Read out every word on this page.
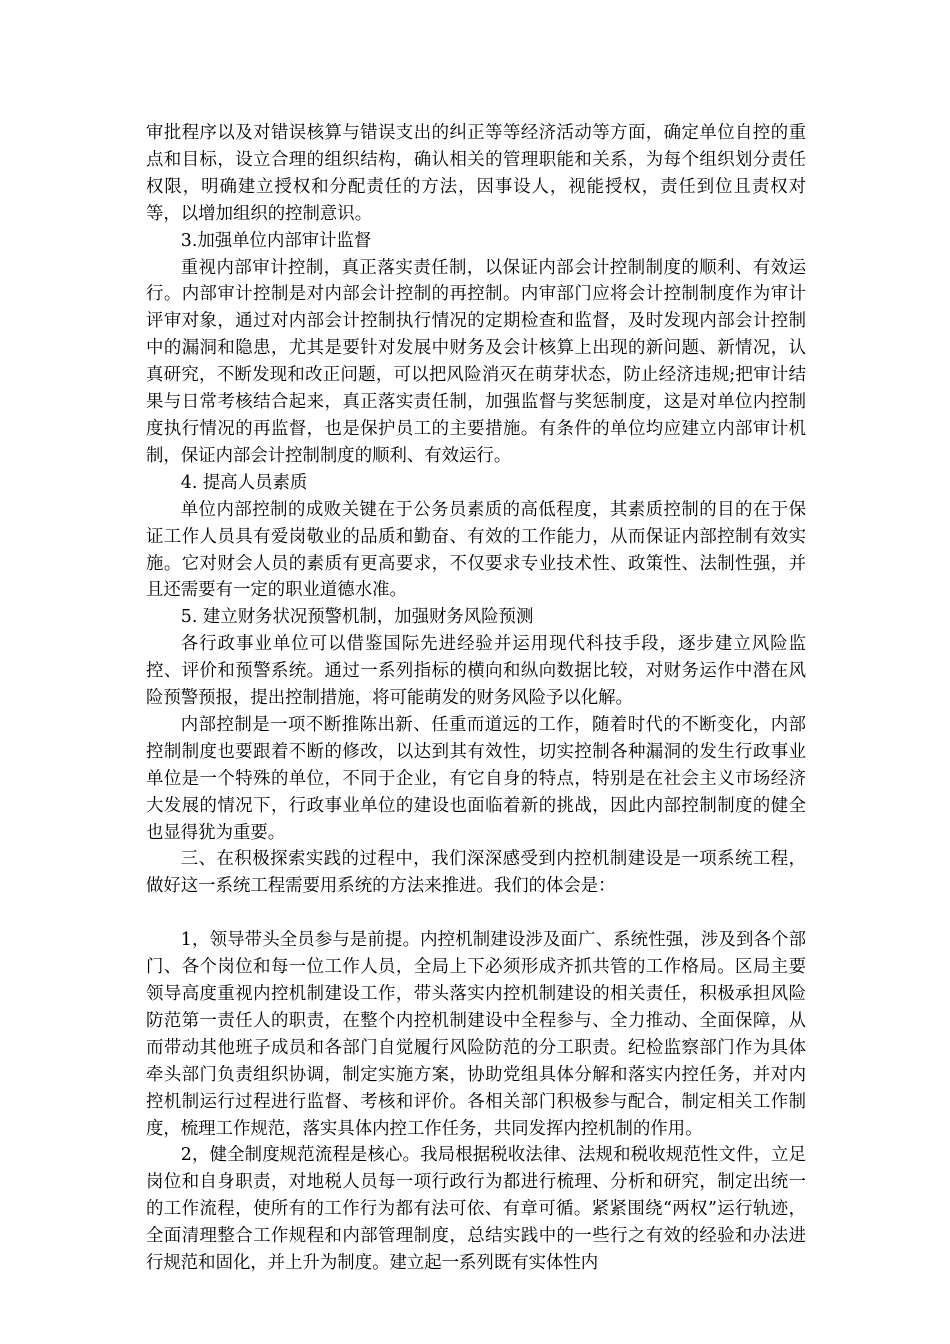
审批程序以及对错误核算与错误支出的纠正等等经济活动等方面，确定单位自控的重点和目标，设立合理的组织结构，确认相关的管理职能和关系，为每个组织划分责任权限，明确建立授权和分配责任的方法，因事设人，视能授权，责任到位且责权对等，以增加组织的控制意识。

3.加强单位内部审计监督

重视内部审计控制，真正落实责任制，以保证内部会计控制制度的顺利、有效运行。内部审计控制是对内部会计控制的再控制。内审部门应将会计控制制度作为审计评审对象，通过对内部会计控制执行情况的定期检查和监督，及时发现内部会计控制中的漏洞和隐患，尤其是要针对发展中财务及会计核算上出现的新问题、新情况，认真研究，不断发现和改正问题，可以把风险消灭在萌芽状态，防止经济违规;把审计结果与日常考核结合起来，真正落实责任制，加强监督与奖惩制度，这是对单位内控制度执行情况的再监督，也是保护员工的主要措施。有条件的单位均应建立内部审计机制，保证内部会计控制制度的顺利、有效运行。

4. 提高人员素质

单位内部控制的成败关键在于公务员素质的高低程度，其素质控制的目的在于保证工作人员具有爱岗敬业的品质和勤奋、有效的工作能力，从而保证内部控制有效实施。它对财会人员的素质有更高要求，不仅要求专业技术性、政策性、法制性强，并且还需要有一定的职业道德水准。

5. 建立财务状况预警机制，加强财务风险预测

各行政事业单位可以借鉴国际先进经验并运用现代科技手段，逐步建立风险监控、评价和预警系统。通过一系列指标的横向和纵向数据比较，对财务运作中潜在风险预警预报，提出控制措施，将可能萌发的财务风险予以化解。

内部控制是一项不断推陈出新、任重而道远的工作，随着时代的不断变化，内部控制制度也要跟着不断的修改，以达到其有效性，切实控制各种漏洞的发生行政事业单位是一个特殊的单位，不同于企业，有它自身的特点，特别是在社会主义市场经济大发展的情况下，行政事业单位的建设也面临着新的挑战，因此内部控制制度的健全也显得犹为重要。

三、在积极探索实践的过程中，我们深深感受到内控机制建设是一项系统工程，做好这一系统工程需要用系统的方法来推进。我们的体会是：

1，领导带头全员参与是前提。内控机制建设涉及面广、系统性强，涉及到各个部门、各个岗位和每一位工作人员，全局上下必须形成齐抓共管的工作格局。区局主要领导高度重视内控机制建设工作，带头落实内控机制建设的相关责任，积极承担风险防范第一责任人的职责，在整个内控机制建设中全程参与、全力推动、全面保障，从而带动其他班子成员和各部门自觉履行风险防范的分工职责。纪检监察部门作为具体牵头部门负责组织协调，制定实施方案，协助党组具体分解和落实内控任务，并对内控机制运行过程进行监督、考核和评价。各相关部门积极参与配合，制定相关工作制度，梳理工作规范，落实具体内控工作任务，共同发挥内控机制的作用。

2，健全制度规范流程是核心。我局根据税收法律、法规和税收规范性文件，立足岗位和自身职责，对地税人员每一项行政行为都进行梳理、分析和研究，制定出统一的工作流程，使所有的工作行为都有法可依、有章可循。紧紧围绕“两权”运行轨迹，全面清理整合工作规程和内部管理制度，总结实践中的一些行之有效的经验和办法进行规范和固化，并上升为制度。建立起一系列既有实体性内
